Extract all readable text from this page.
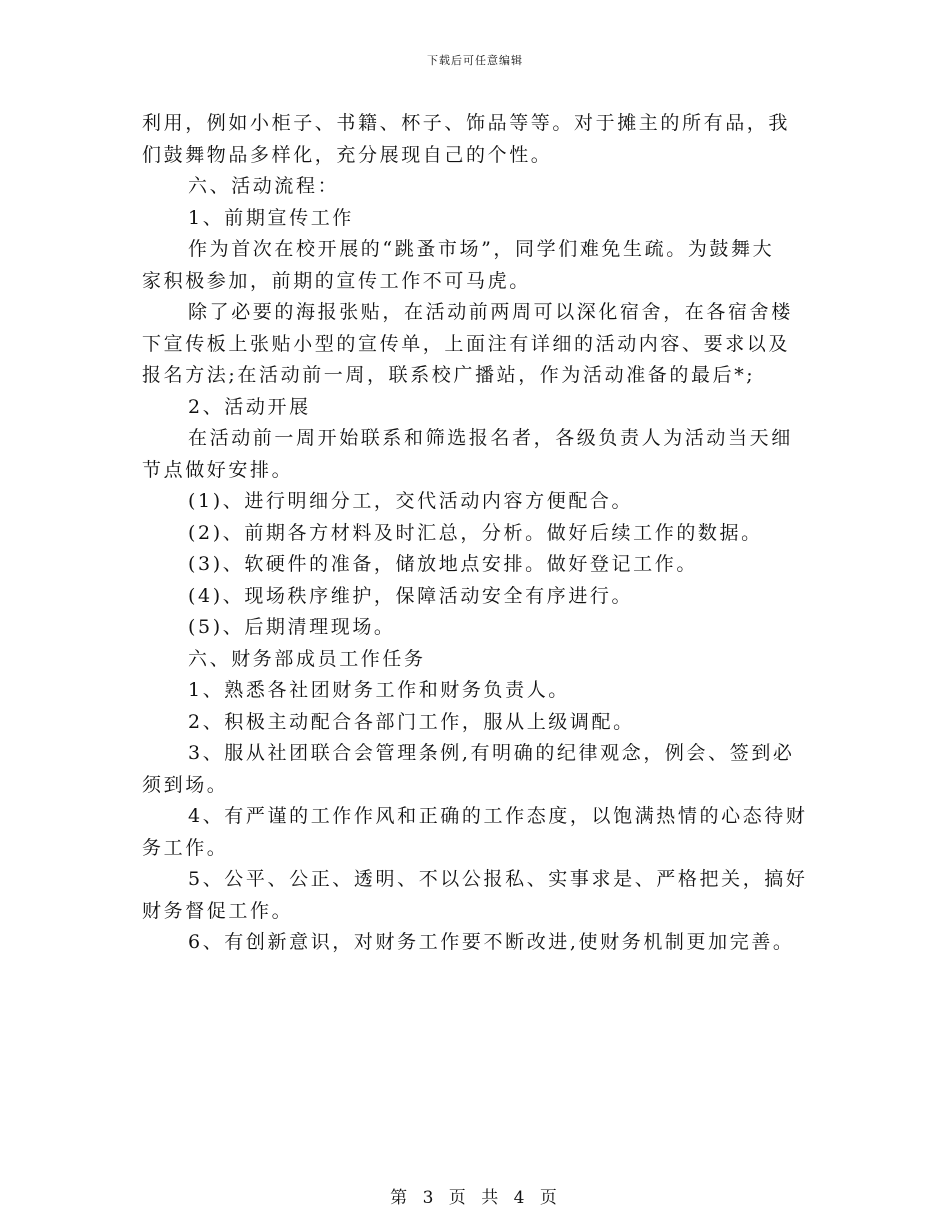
下载后可任意编辑
利用，例如小柜子、书籍、杯子、饰品等等。对于摊主的所有品，我
们鼓舞物品多样化，充分展现自己的个性。
六、活动流程：
1、前期宣传工作
作为首次在校开展的“跳蚤市场”，同学们难免生疏。为鼓舞大
家积极参加，前期的宣传工作不可马虎。
除了必要的海报张贴，在活动前两周可以深化宿舍，在各宿舍楼
下宣传板上张贴小型的宣传单，上面注有详细的活动内容、要求以及
报名方法;在活动前一周，联系校广播站，作为活动准备的最后*;
2、活动开展
在活动前一周开始联系和筛选报名者，各级负责人为活动当天细
节点做好安排。
(1)、进行明细分工，交代活动内容方便配合。
(2)、前期各方材料及时汇总，分析。做好后续工作的数据。
(3)、软硬件的准备，储放地点安排。做好登记工作。
(4)、现场秩序维护，保障活动安全有序进行。
(5)、后期清理现场。
六、财务部成员工作任务
1、熟悉各社团财务工作和财务负责人。
2、积极主动配合各部门工作，服从上级调配。
3、服从社团联合会管理条例,有明确的纪律观念，例会、签到必
须到场。
4、有严谨的工作作风和正确的工作态度，以饱满热情的心态待财
务工作。
5、公平、公正、透明、不以公报私、实事求是、严格把关，搞好
财务督促工作。
6、有创新意识，对财务工作要不断改进,使财务机制更加完善。
第 3 页 共 4 页
